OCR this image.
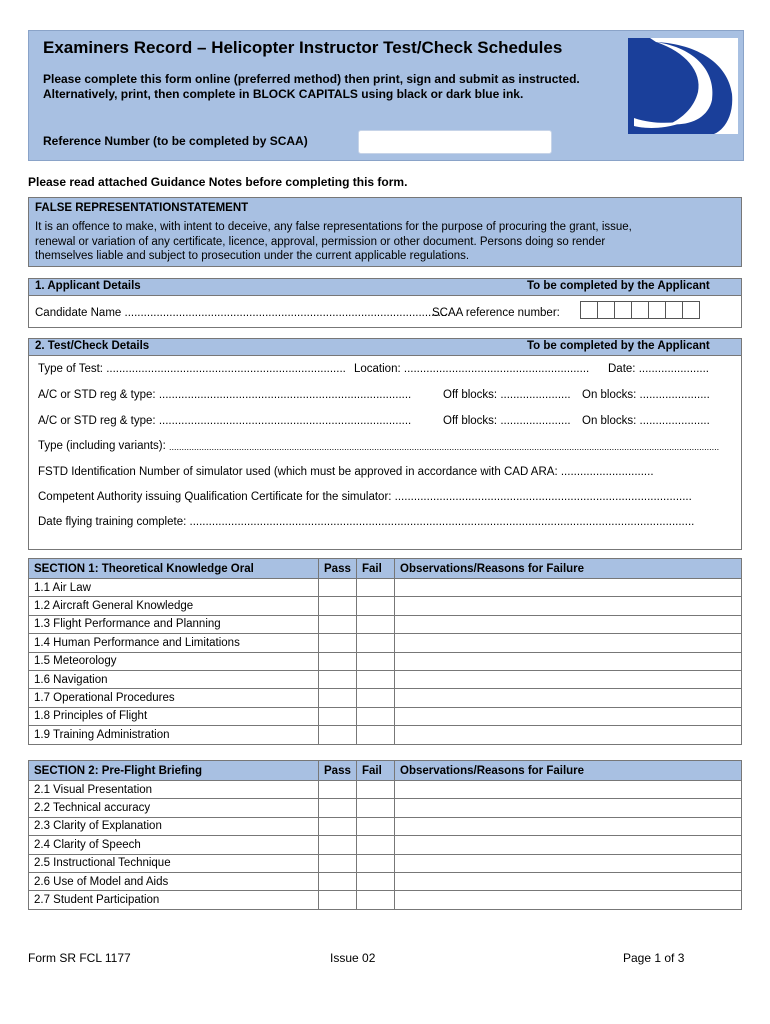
Examiners Record – Helicopter Instructor Test/Check Schedules
Please complete this form online (preferred method) then print, sign and submit as instructed.
Alternatively, print, then complete in BLOCK CAPITALS using black or dark blue ink.
Reference Number (to be completed by SCAA)
Please read attached Guidance Notes before completing this form.
FALSE REPRESENTATIONSTATEMENT
It is an offence to make, with intent to deceive, any false representations for the purpose of procuring the grant, issue,
renewal or variation of any certificate, licence, approval, permission or other document. Persons doing so render
themselves liable and subject to prosecution under the current applicable regulations.
1. Applicant Details	To be completed by the Applicant
Candidate Name ......................................................................................................
SCAA reference number:
2. Test/Check Details	To be completed by the Applicant
Type of Test: ........................................................................... Location: .......................................................... Date: ......................
A/C or STD reg & type: ...............................................................................	Off blocks: ...................... On blocks: ......................
A/C or STD reg & type: ...............................................................................	Off blocks: ...................... On blocks: ......................
Type (including variants): ............................................................................................................................................................................................................................
FSTD Identification Number of simulator used (which must be approved in accordance with CAD ARA: .............................
Competent Authority issuing Qualification Certificate for the simulator: .............................................................................................
Date flying training complete: ..............................................................................................................................................................
SECTION 1: Theoretical Knowledge Oral	Pass	Fail	Observations/Reasons for Failure
1.1 Air Law			
1.2 Aircraft General Knowledge			
1.3 Flight Performance and Planning			
1.4 Human Performance and Limitations			
1.5 Meteorology			
1.6 Navigation			
1.7 Operational Procedures			
1.8 Principles of Flight			
1.9 Training Administration			
SECTION 2: Pre-Flight Briefing	Pass	Fail	Observations/Reasons for Failure
2.1 Visual Presentation			
2.2 Technical accuracy			
2.3 Clarity of Explanation			
2.4 Clarity of Speech			
2.5 Instructional Technique			
2.6 Use of Model and Aids			
2.7 Student Participation			
Form SR FCL 1177	Issue 02	Page 1 of 3
